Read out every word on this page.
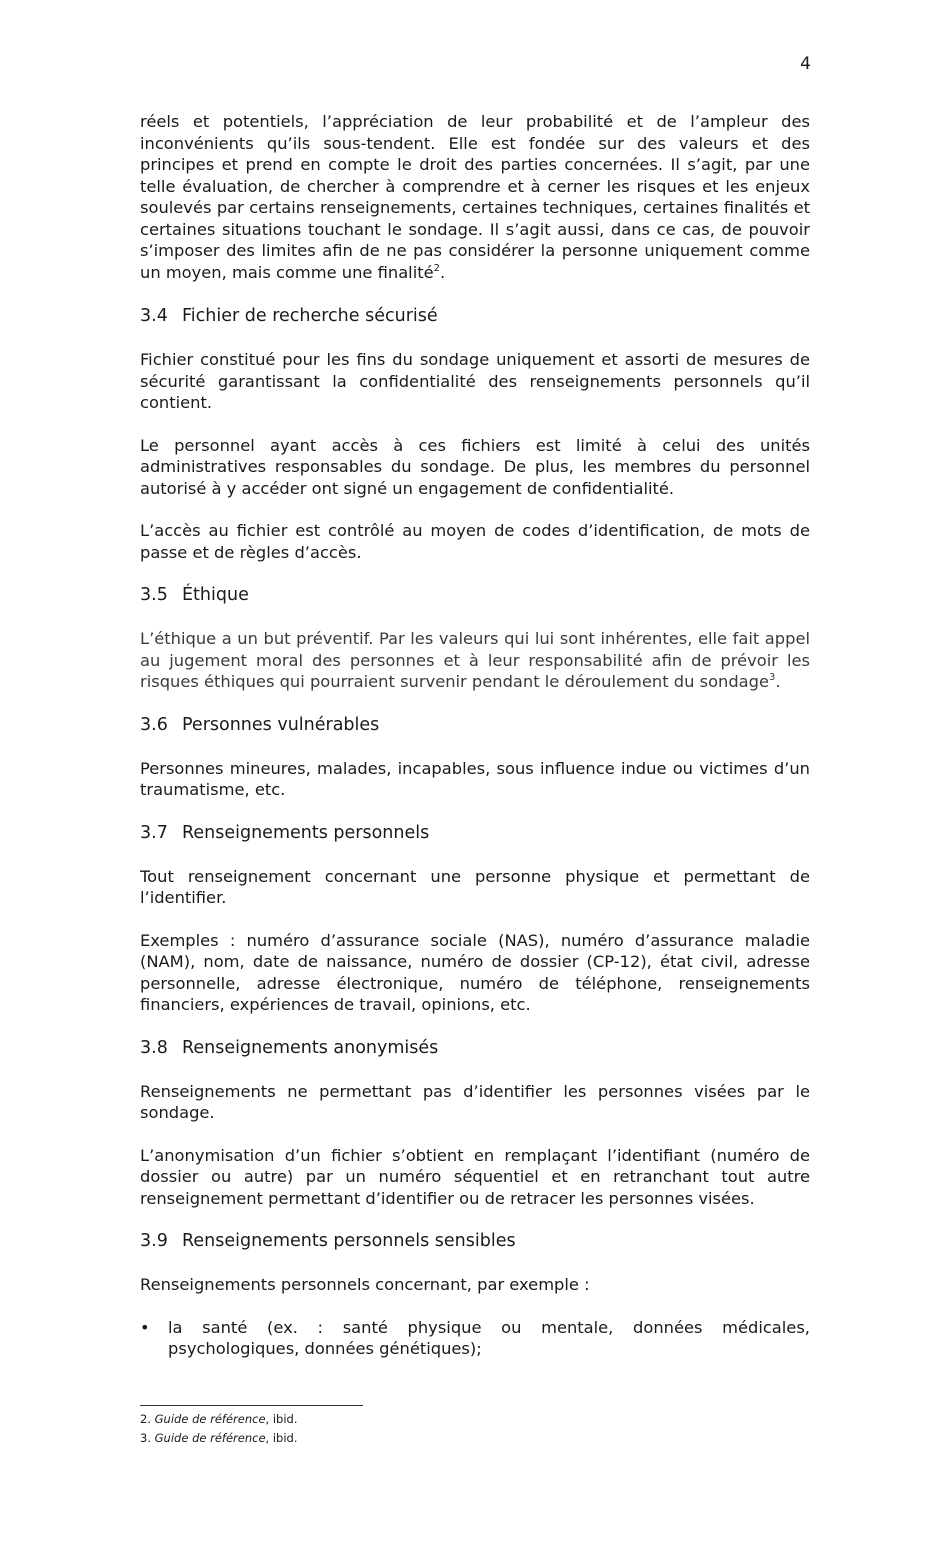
4

réels et potentiels, l’appréciation de leur probabilité et de l’ampleur des inconvénients qu’ils sous-tendent. Elle est fondée sur des valeurs et des principes et prend en compte le droit des parties concernées. Il s’agit, par une telle évaluation, de chercher à comprendre et à cerner les risques et les enjeux soulevés par certains renseignements, certaines techniques, certaines finalités et certaines situations touchant le sondage. Il s’agit aussi, dans ce cas, de pouvoir s’imposer des limites afin de ne pas considérer la personne uniquement comme un moyen, mais comme une finalité$^2$.

3.4 Fichier de recherche sécurisé

Fichier constitué pour les fins du sondage uniquement et assorti de mesures de sécurité garantissant la confidentialité des renseignements personnels qu’il contient.

Le personnel ayant accès à ces fichiers est limité à celui des unités administratives responsables du sondage. De plus, les membres du personnel autorisé à y accéder ont signé un engagement de confidentialité.

L’accès au fichier est contrôlé au moyen de codes d’identification, de mots de passe et de règles d’accès.

3.5 Éthique

L’éthique a un but préventif. Par les valeurs qui lui sont inhérentes, elle fait appel au jugement moral des personnes et à leur responsabilité afin de prévoir les risques éthiques qui pourraient survenir pendant le déroulement du sondage$^3$.

3.6 Personnes vulnérables

Personnes mineures, malades, incapables, sous influence indue ou victimes d’un traumatisme, etc.

3.7 Renseignements personnels

Tout renseignement concernant une personne physique et permettant de l’identifier.

Exemples : numéro d’assurance sociale (NAS), numéro d’assurance maladie (NAM), nom, date de naissance, numéro de dossier (CP-12), état civil, adresse personnelle, adresse électronique, numéro de téléphone, renseignements financiers, expériences de travail, opinions, etc.

3.8 Renseignements anonymisés

Renseignements ne permettant pas d’identifier les personnes visées par le sondage.

L’anonymisation d’un fichier s’obtient en remplaçant l’identifiant (numéro de dossier ou autre) par un numéro séquentiel et en retranchant tout autre renseignement permettant d’identifier ou de retracer les personnes visées.

3.9 Renseignements personnels sensibles

Renseignements personnels concernant, par exemple :

• la santé (ex. : santé physique ou mentale, données médicales, psychologiques, données génétiques);
2. Guide de référence, ibid.
3. Guide de référence, ibid.
